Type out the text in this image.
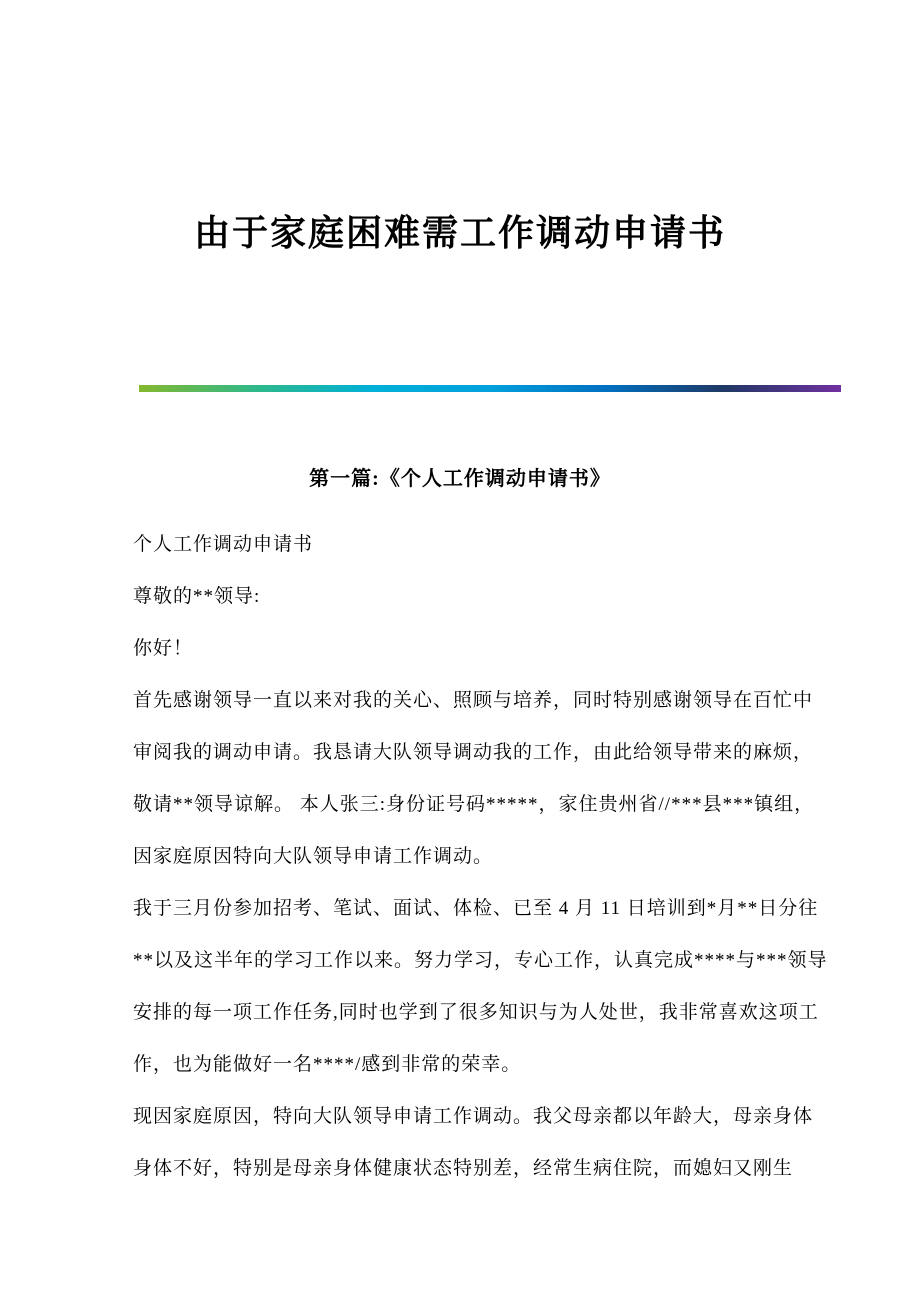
由于家庭困难需工作调动申请书
第一篇:《个人工作调动申请书》
个人工作调动申请书
尊敬的**领导:
你好！
首先感谢领导一直以来对我的关心、照顾与培养，同时特别感谢领导在百忙中
审阅我的调动申请。我恳请大队领导调动我的工作，由此给领导带来的麻烦，
敬请**领导谅解。 本人张三:身份证号码*****，家住贵州省//***县***镇组，
因家庭原因特向大队领导申请工作调动。
我于三月份参加招考、笔试、面试、体检、已至 4 月 11 日培训到*月**日分往
**以及这半年的学习工作以来。努力学习，专心工作，认真完成****与***领导
安排的每一项工作任务,同时也学到了很多知识与为人处世，我非常喜欢这项工
作，也为能做好一名****/感到非常的荣幸。
现因家庭原因，特向大队领导申请工作调动。我父母亲都以年龄大，母亲身体
身体不好，特别是母亲身体健康状态特别差，经常生病住院，而媳妇又刚生
